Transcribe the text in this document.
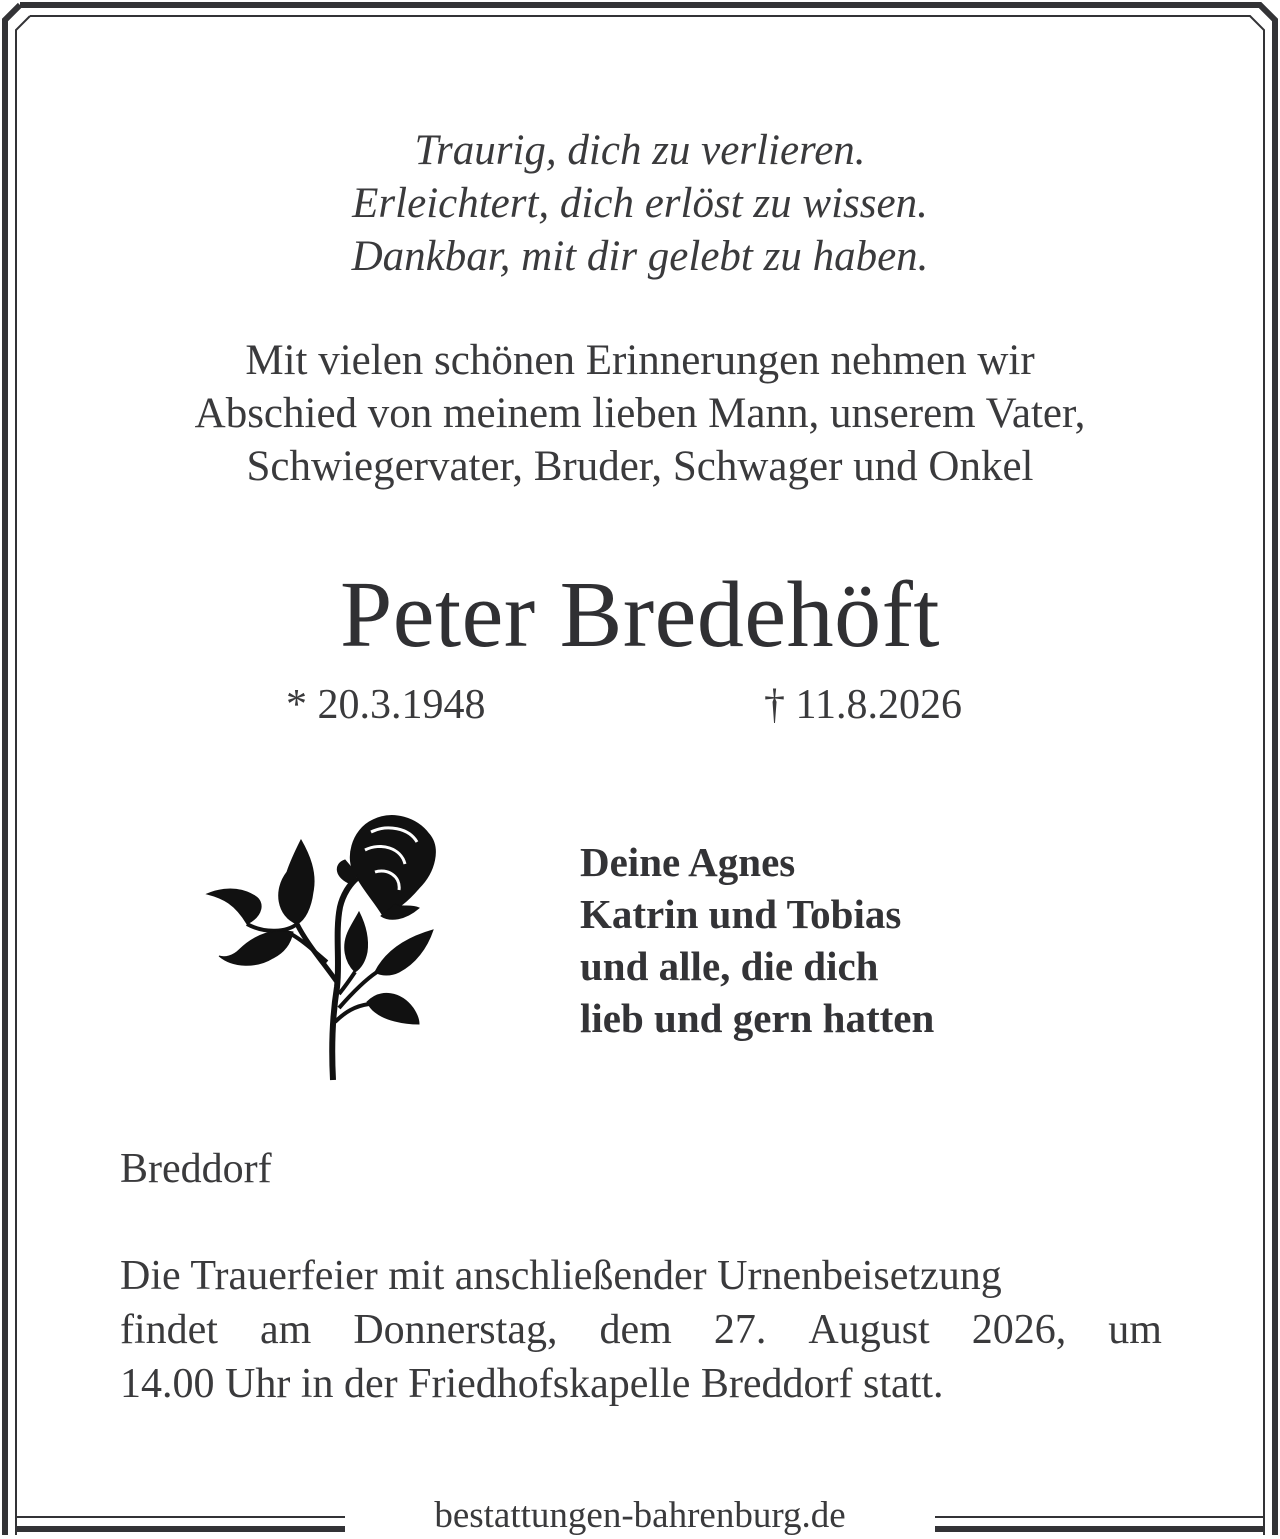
Traurig, dich zu verlieren.
Erleichtert, dich erlöst zu wissen.
Dankbar, mit dir gelebt zu haben.
Mit vielen schönen Erinnerungen nehmen wir
Abschied von meinem lieben Mann, unserem Vater,
Schwiegervater, Bruder, Schwager und Onkel
Peter Bredehöft
* 20.3.1948	† 11.8.2026
Deine Agnes
Katrin und Tobias
und alle, die dich
lieb und gern hatten
Breddorf
Die Trauerfeier mit anschließender Urnenbeisetzung
findet am Donnerstag, dem 27. August 2026, um
14.00 Uhr in der Friedhofskapelle Breddorf statt.
bestattungen-bahrenburg.de
